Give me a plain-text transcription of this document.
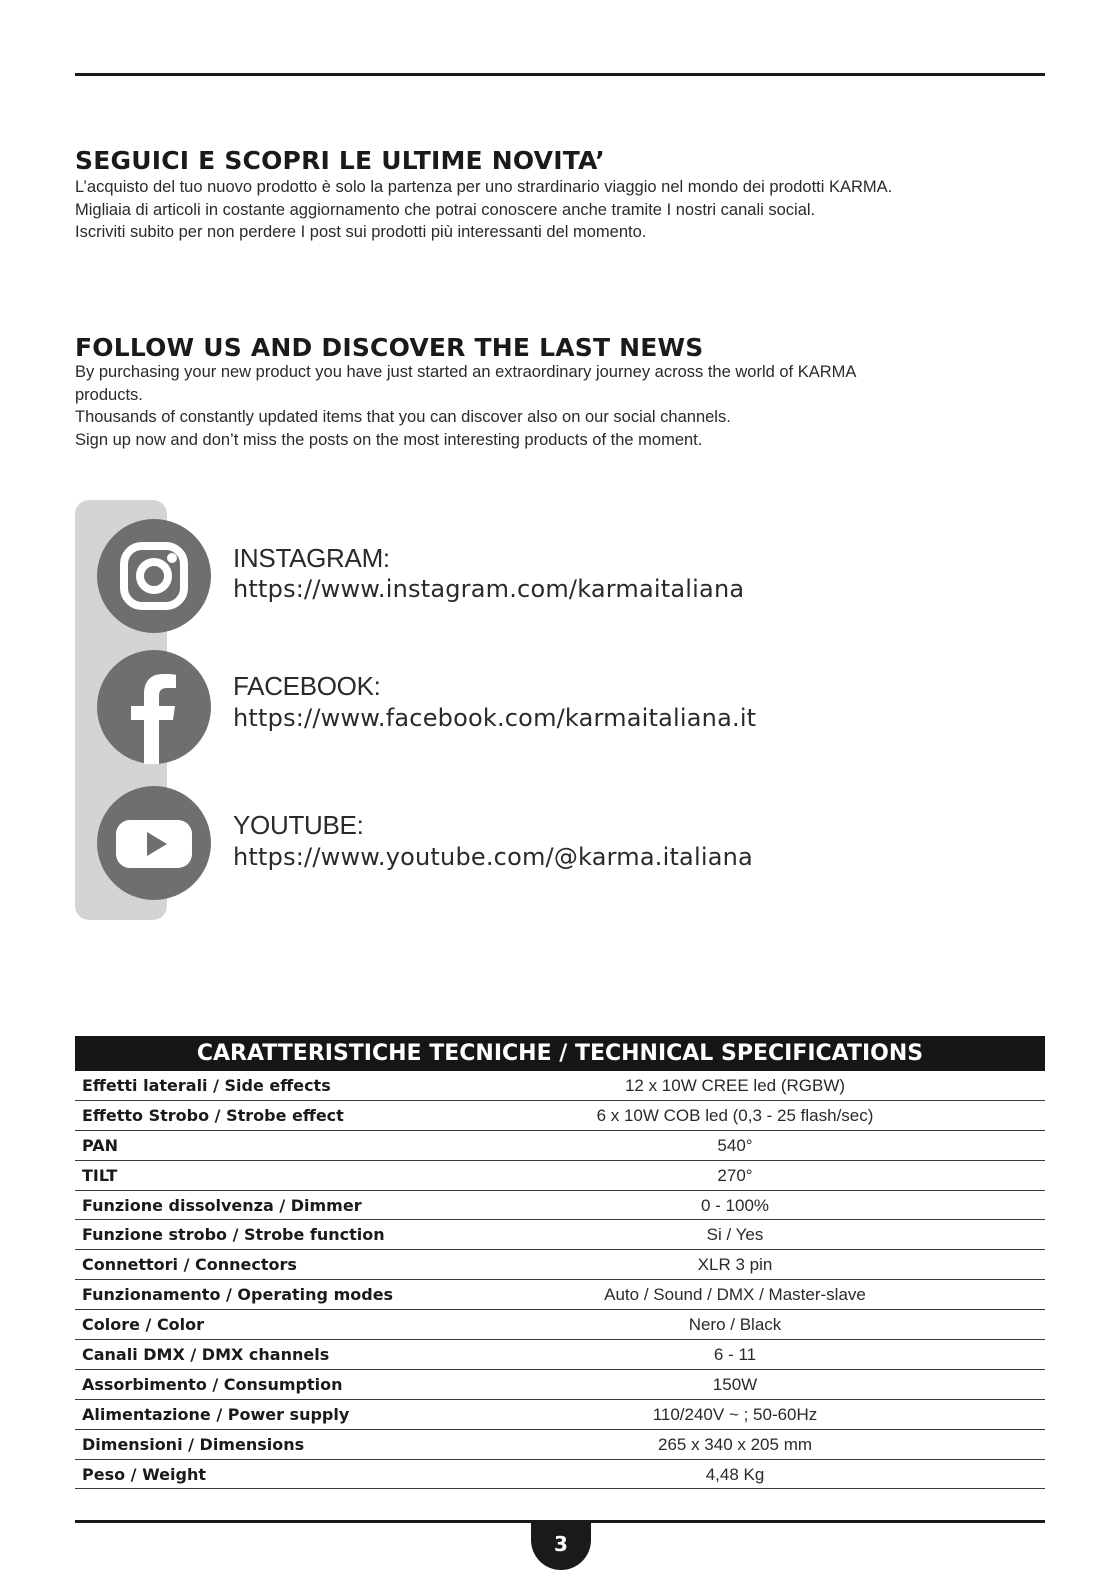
SEGUICI E SCOPRI LE ULTIME NOVITA’
L’acquisto del tuo nuovo prodotto è solo la partenza per uno strardinario viaggio nel mondo dei prodotti KARMA.
Migliaia di articoli in costante aggiornamento che potrai conoscere anche tramite I nostri canali social.
Iscriviti subito per non perdere I post sui prodotti più interessanti del momento.
FOLLOW US AND DISCOVER THE LAST NEWS
By purchasing your new product you have just started an extraordinary journey across the world of KARMA
products.
Thousands of constantly updated items that you can discover also on our social channels.
Sign up now and don’t miss the posts on the most interesting products of the moment.
INSTAGRAM:
https://www.instagram.com/karmaitaliana
FACEBOOK:
https://www.facebook.com/karmaitaliana.it
YOUTUBE:
https://www.youtube.com/@karma.italiana
CARATTERISTICHE TECNICHE / TECHNICAL SPECIFICATIONS
Effetti laterali / Side effects	12 x 10W CREE led (RGBW)
Effetto Strobo / Strobe effect	6 x 10W COB led (0,3 - 25 flash/sec)
PAN	540°
TILT	270°
Funzione dissolvenza / Dimmer	0 - 100%
Funzione strobo / Strobe function	Si / Yes
Connettori / Connectors	XLR 3 pin
Funzionamento / Operating modes	Auto / Sound / DMX / Master-slave
Colore / Color	Nero / Black
Canali DMX / DMX channels	6 - 11
Assorbimento / Consumption	150W
Alimentazione / Power supply	110/240V ~ ; 50-60Hz
Dimensioni / Dimensions	265 x 340 x 205 mm
Peso / Weight	4,48 Kg
3
